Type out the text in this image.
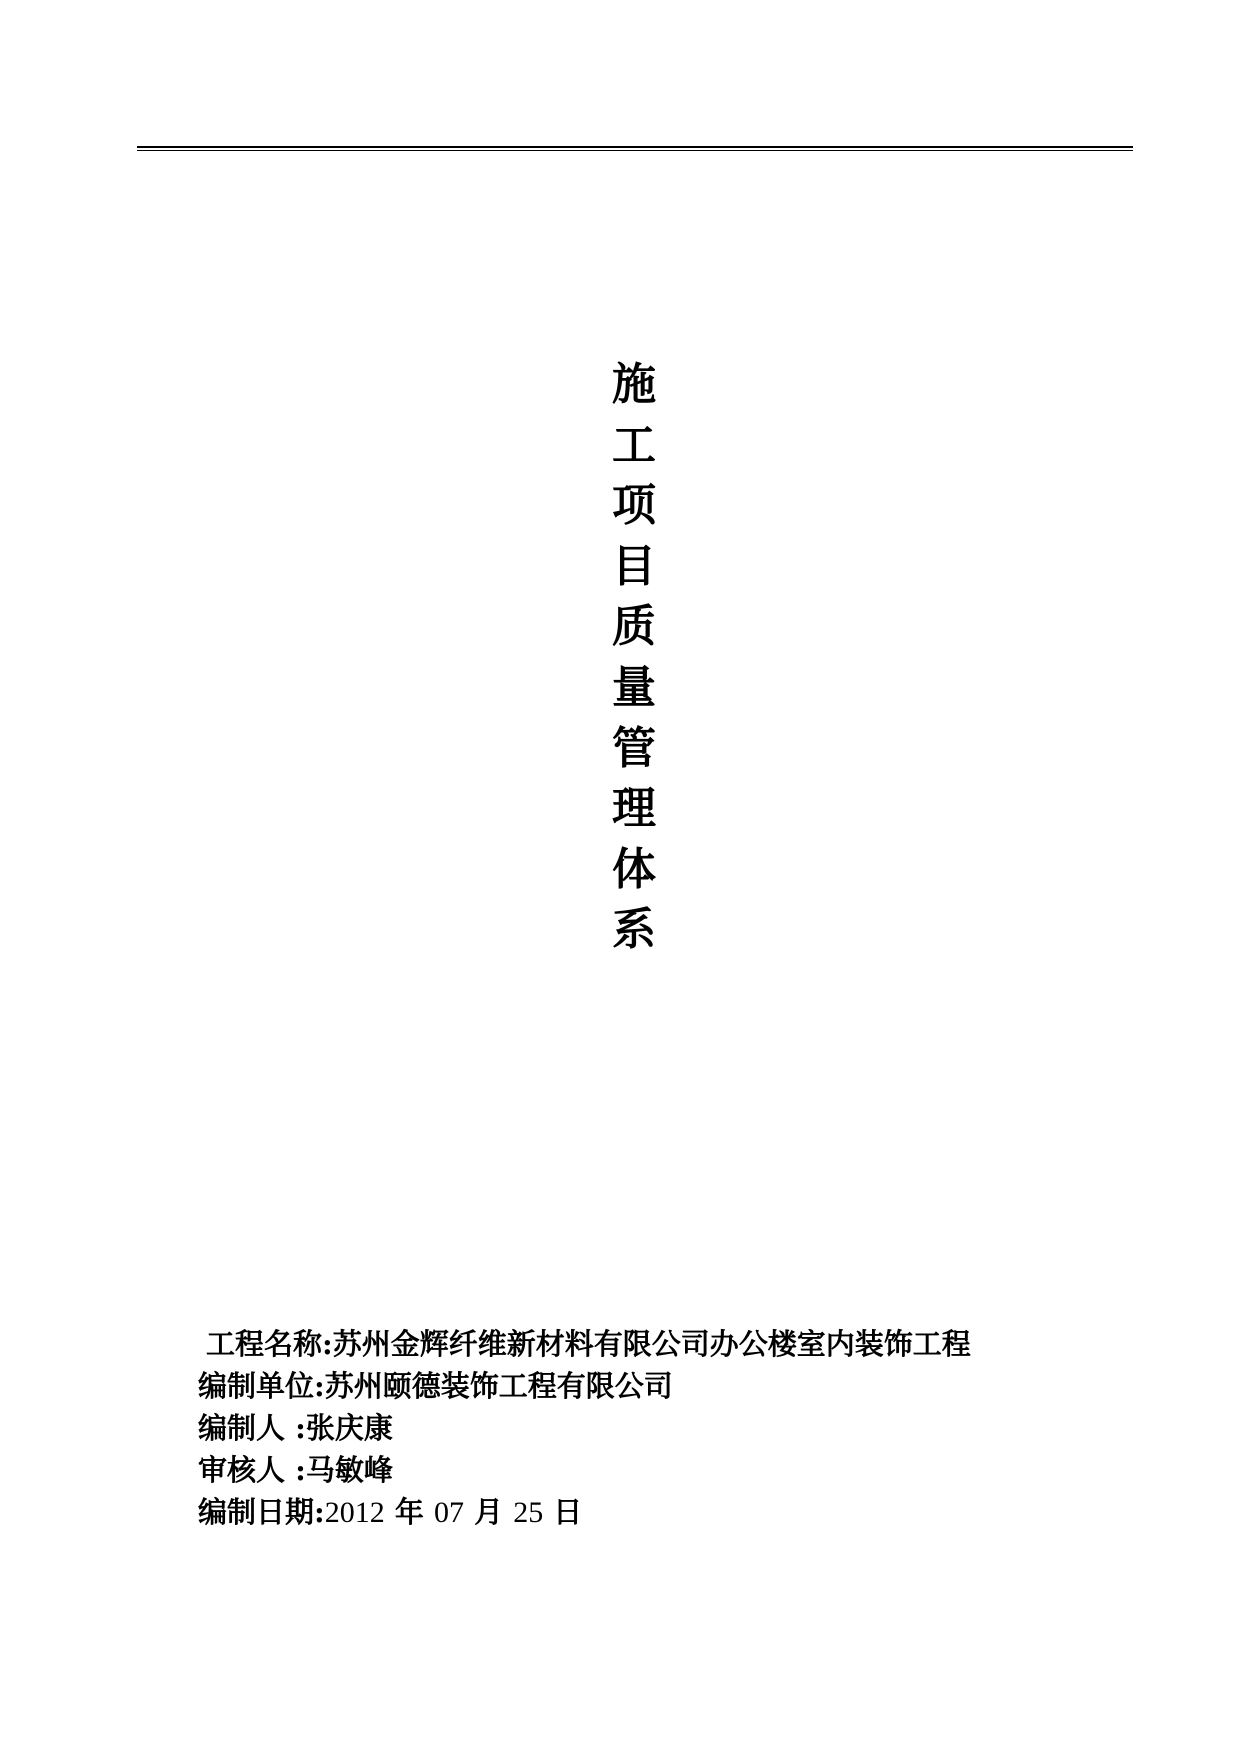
施
工
项
目
质
量
管
理
体
系
工程名称: 苏州金辉纤维新材料有限公司办公楼室内装饰工程
编制单位: 苏州颐德装饰工程有限公司
编制人 : 张庆康
审核人 : 马敏峰
编制日期: 2012 年 07 月 25 日
